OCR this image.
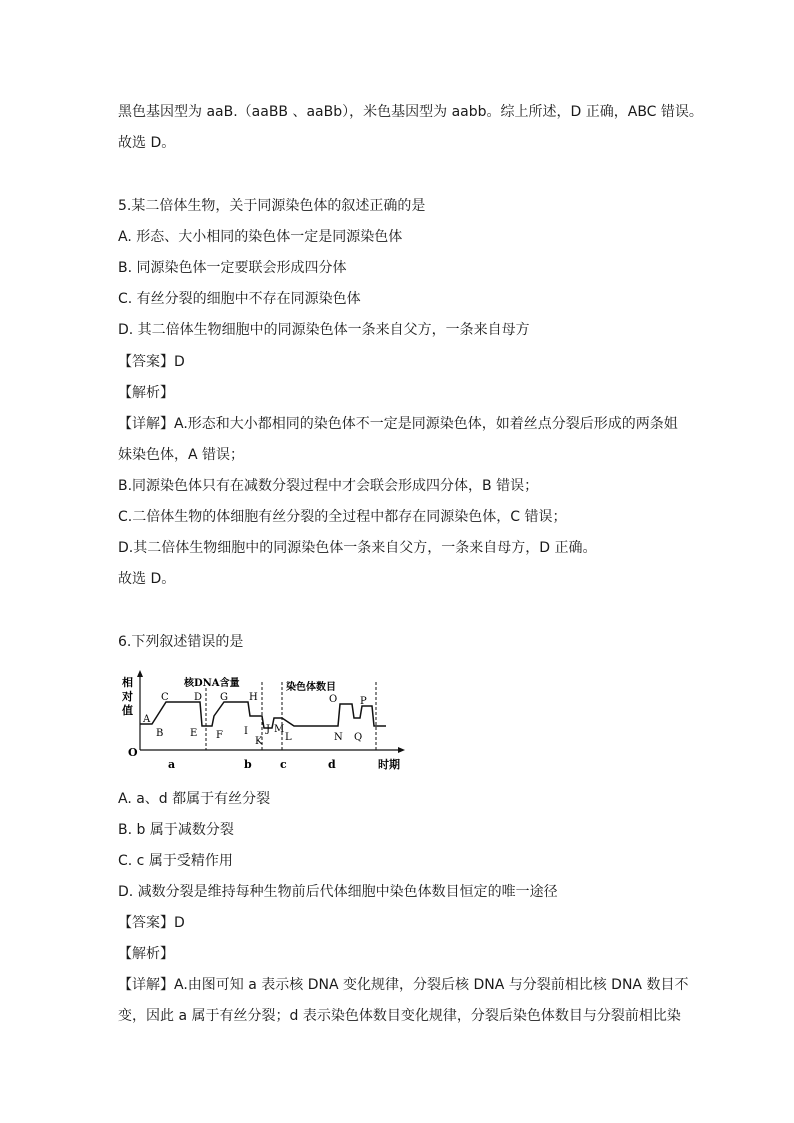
黑色基因型为 aaB.（aaBB 、aaBb），米色基因型为 aabb。综上所述，D 正确，ABC 错误。
故选 D。
5.某二倍体生物，关于同源染色体的叙述正确的是
A. 形态、大小相同的染色体一定是同源染色体
B. 同源染色体一定要联会形成四分体
C. 有丝分裂的细胞中不存在同源染色体
D. 其二倍体生物细胞中的同源染色体一条来自父方，一条来自母方
【答案】D
【解析】
【详解】A.形态和大小都相同的染色体不一定是同源染色体，如着丝点分裂后形成的两条姐
妹染色体，A 错误；
B.同源染色体只有在减数分裂过程中才会联会形成四分体，B 错误；
C.二倍体生物的体细胞有丝分裂的全过程中都存在同源染色体，C 错误；
D.其二倍体生物细胞中的同源染色体一条来自父方，一条来自母方，D 正确。
故选 D。
6.下列叙述错误的是
相
对
值
O
时期
核DNA含量	染色体数目
A
B
C	D
E F
G H
I J
K
M
L	N
O P
Q
a	b	c	d
A. a、d 都属于有丝分裂
B. b 属于减数分裂
C. c 属于受精作用
D. 减数分裂是维持每种生物前后代体细胞中染色体数目恒定的唯一途径
【答案】D
【解析】
【详解】A.由图可知 a 表示核 DNA 变化规律，分裂后核 DNA 与分裂前相比核 DNA 数目不
变，因此 a 属于有丝分裂；d 表示染色体数目变化规律，分裂后染色体数目与分裂前相比染
